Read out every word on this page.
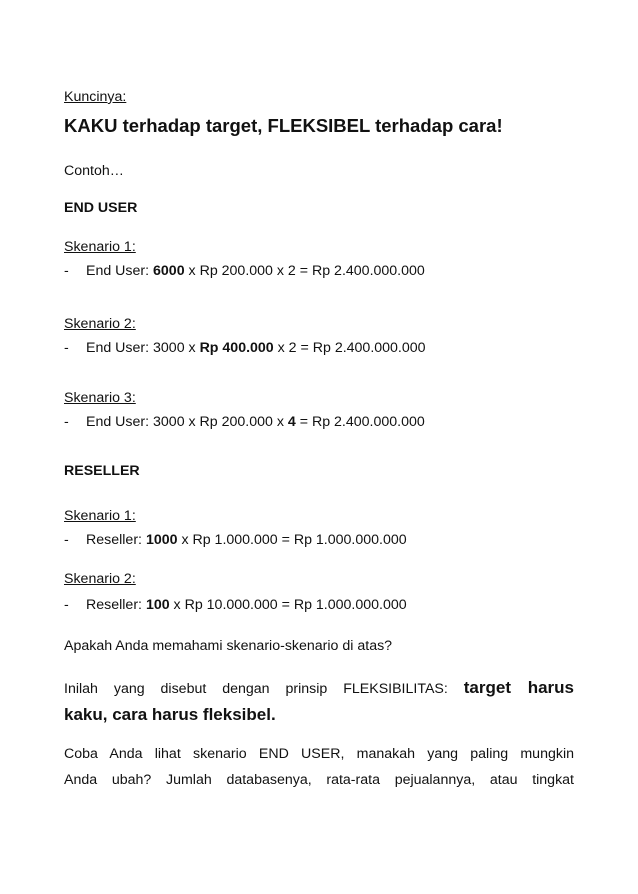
Kuncinya:
KAKU terhadap target, FLEKSIBEL terhadap cara!
Contoh…
END USER
Skenario 1:
- End User: 6000 x Rp 200.000 x 2 = Rp 2.400.000.000
Skenario 2:
- End User: 3000 x Rp 400.000 x 2 = Rp 2.400.000.000
Skenario 3:
- End User: 3000 x Rp 200.000 x 4 = Rp 2.400.000.000
RESELLER
Skenario 1:
- Reseller: 1000 x Rp 1.000.000 = Rp 1.000.000.000
Skenario 2:
- Reseller: 100 x Rp 10.000.000 = Rp 1.000.000.000
Apakah Anda memahami skenario-skenario di atas?
Inilah yang disebut dengan prinsip FLEKSIBILITAS: target harus
kaku, cara harus fleksibel.
Coba Anda lihat skenario END USER, manakah yang paling mungkin
Anda ubah? Jumlah databasenya, rata-rata pejualannya, atau tingkat
